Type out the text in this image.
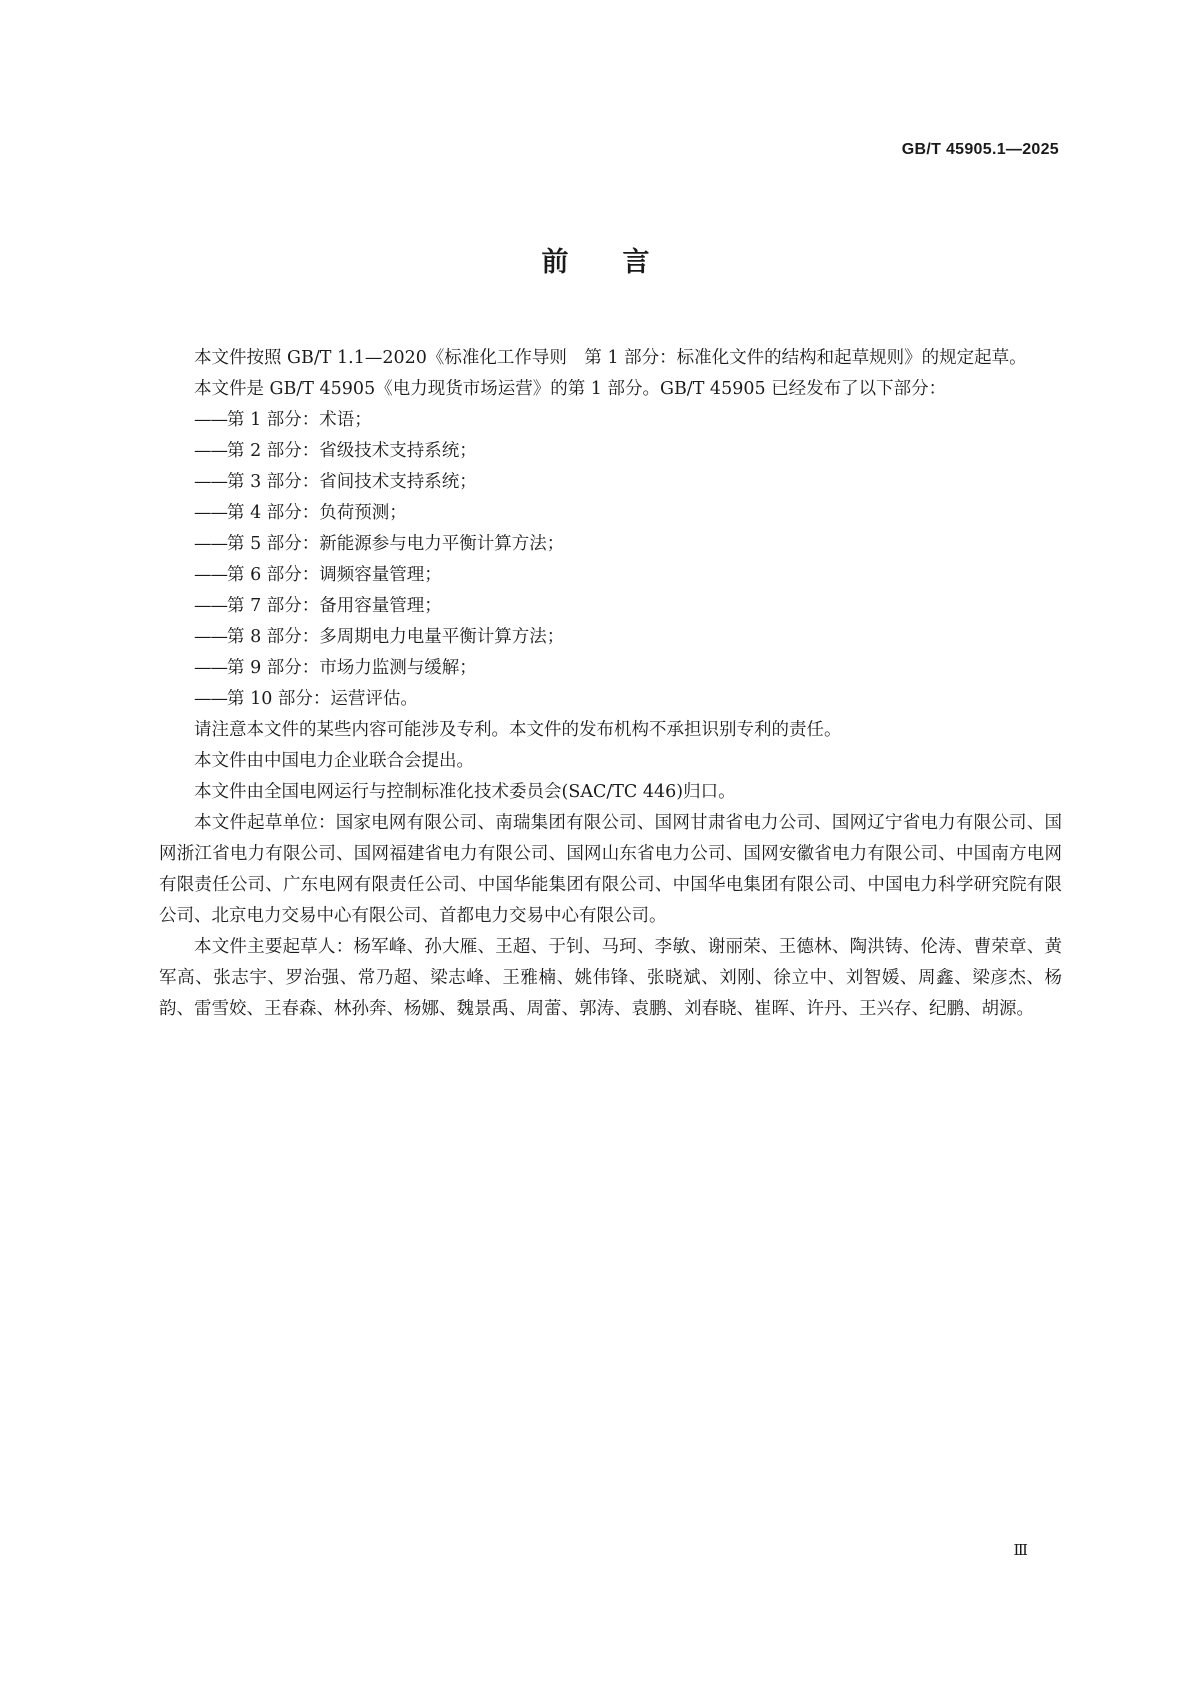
GB/T 45905.1—2025
前言

本文件按照 GB/T 1.1—2020《标准化工作导则　第 1 部分：标准化文件的结构和起草规则》的规定起草。

本文件是 GB/T 45905《电力现货市场运营》的第 1 部分。GB/T 45905 已经发布了以下部分：

——第 1 部分：术语；

——第 2 部分：省级技术支持系统；

——第 3 部分：省间技术支持系统；

——第 4 部分：负荷预测；

——第 5 部分：新能源参与电力平衡计算方法；

——第 6 部分：调频容量管理；

——第 7 部分：备用容量管理；

——第 8 部分：多周期电力电量平衡计算方法；

——第 9 部分：市场力监测与缓解；

——第 10 部分：运营评估。

请注意本文件的某些内容可能涉及专利。本文件的发布机构不承担识别专利的责任。

本文件由中国电力企业联合会提出。

本文件由全国电网运行与控制标准化技术委员会(SAC/TC 446)归口。

本文件起草单位：国家电网有限公司、南瑞集团有限公司、国网甘肃省电力公司、国网辽宁省电力有限公司、国网浙江省电力有限公司、国网福建省电力有限公司、国网山东省电力公司、国网安徽省电力有限公司、中国南方电网有限责任公司、广东电网有限责任公司、中国华能集团有限公司、中国华电集团有限公司、中国电力科学研究院有限公司、北京电力交易中心有限公司、首都电力交易中心有限公司。

本文件主要起草人：杨军峰、孙大雁、王超、于钊、马珂、李敏、谢丽荣、王德林、陶洪铸、伦涛、曹荣章、黄军高、张志宇、罗治强、常乃超、梁志峰、王雅楠、姚伟锋、张晓斌、刘刚、徐立中、刘智媛、周鑫、梁彦杰、杨韵、雷雪姣、王春森、林孙奔、杨娜、魏景禹、周蕾、郭涛、袁鹏、刘春晓、崔晖、许丹、王兴存、纪鹏、胡源。

Ⅲ
